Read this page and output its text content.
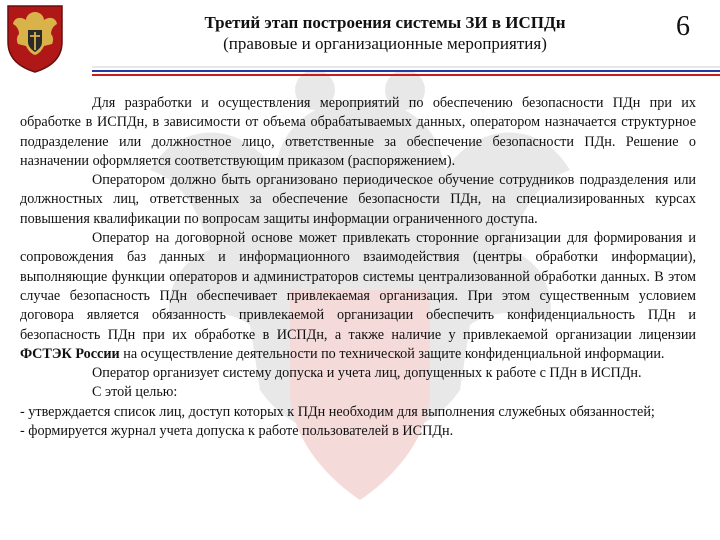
Третий этап построения системы ЗИ в ИСПДн
(правовые и организационные мероприятия)
6

Для разработки и осуществления мероприятий по обеспечению безопасности ПДн при их обработке в ИСПДн, в зависимости от объема обрабатываемых данных, оператором назначается структурное подразделение или должностное лицо, ответственные за обеспечение безопасности ПДн. Решение о назначении оформляется соответствующим приказом (распоряжением).

Оператором должно быть организовано периодическое обучение сотрудников подразделения или должностных лиц, ответственных за обеспечение безопасности ПДн, на специализированных курсах повышения квалификации по вопросам защиты информации ограниченного доступа.

Оператор на договорной основе может привлекать сторонние организации для формирования и сопровождения баз данных и информационного взаимодействия (центры обработки информации), выполняющие функции операторов и администраторов системы централизованной обработки данных. В этом случае безопасность ПДн обеспечивает привлекаемая организация. При этом существенным условием договора является обязанность привлекаемой организации обеспечить конфиденциальность ПДн и безопасность ПДн при их обработке в ИСПДн, а также наличие у привлекаемой организации лицензии ФСТЭК России на осуществление деятельности по технической защите конфиденциальной информации.

Оператор организует систему допуска и учета лиц, допущенных к работе с ПДн в ИСПДн.

С этой целью:

- утверждается список лиц, доступ которых к ПДн необходим для выполнения служебных обязанностей;

- формируется журнал учета допуска к работе пользователей в ИСПДн.
